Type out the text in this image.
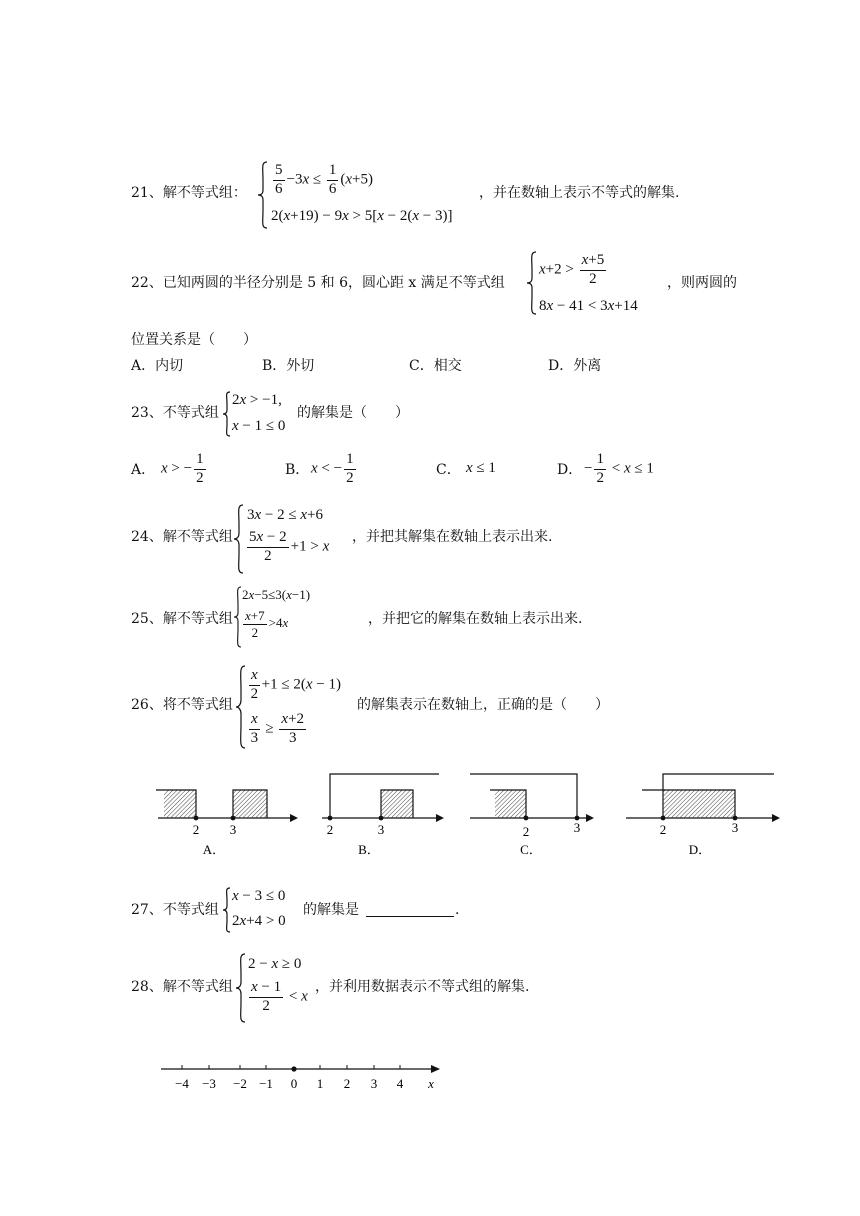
21、解不等式组： $\frac{5}{6} -3x \le \frac{1}{6} (x+5)$
2(x+19) − 9x > 5[x − 2(x − 3)]
，并在数轴上表示不等式的解集.
22、已知两圆的半径分别是 5 和 6，圆心距 x 满足不等式组
$x+2 > \frac{x+5}{2}$
8x − 41 < 3x+14
，则两圆的
位置关系是（　　）
A．内切	B．外切	C．相交	D．外离
23、不等式组
2x > −1,
x − 1 ≤ 0
的解集是（　　）
A． x > − $\frac{1}{2}$	B． x < − $\frac{1}{2}$	C． x ≤ 1	D． − $\frac{1}{2} < x \le 1$
24、解不等式组
3x − 2 ≤ x+6
$\frac{5x - 2}{2} +1 > x$
，并把其解集在数轴上表示出来.
25、解不等式组
2x−5≤3(x−1)
$\frac{x+7}{2} >4x$	，并把它的解集在数轴上表示出来.
26、将不等式组
$\frac{x}{2} +1 \le 2(x - 1)$
$\frac{x}{3} \ge \frac{x+2}{3}$
的解集表示在数轴上，正确的是（　　）
2 3	2	3	2	3	2	3
A．	B．	C．	D．
27、不等式组
x − 3 ≤ 0
2x+4 > 0
的解集是	.
28、解不等式组
2 − x ≥ 0
$\frac{x - 1}{2} < x$
，并利用数据表示不等式组的解集.
−4 −3 −2 −1 0 1 2 3 4 x
